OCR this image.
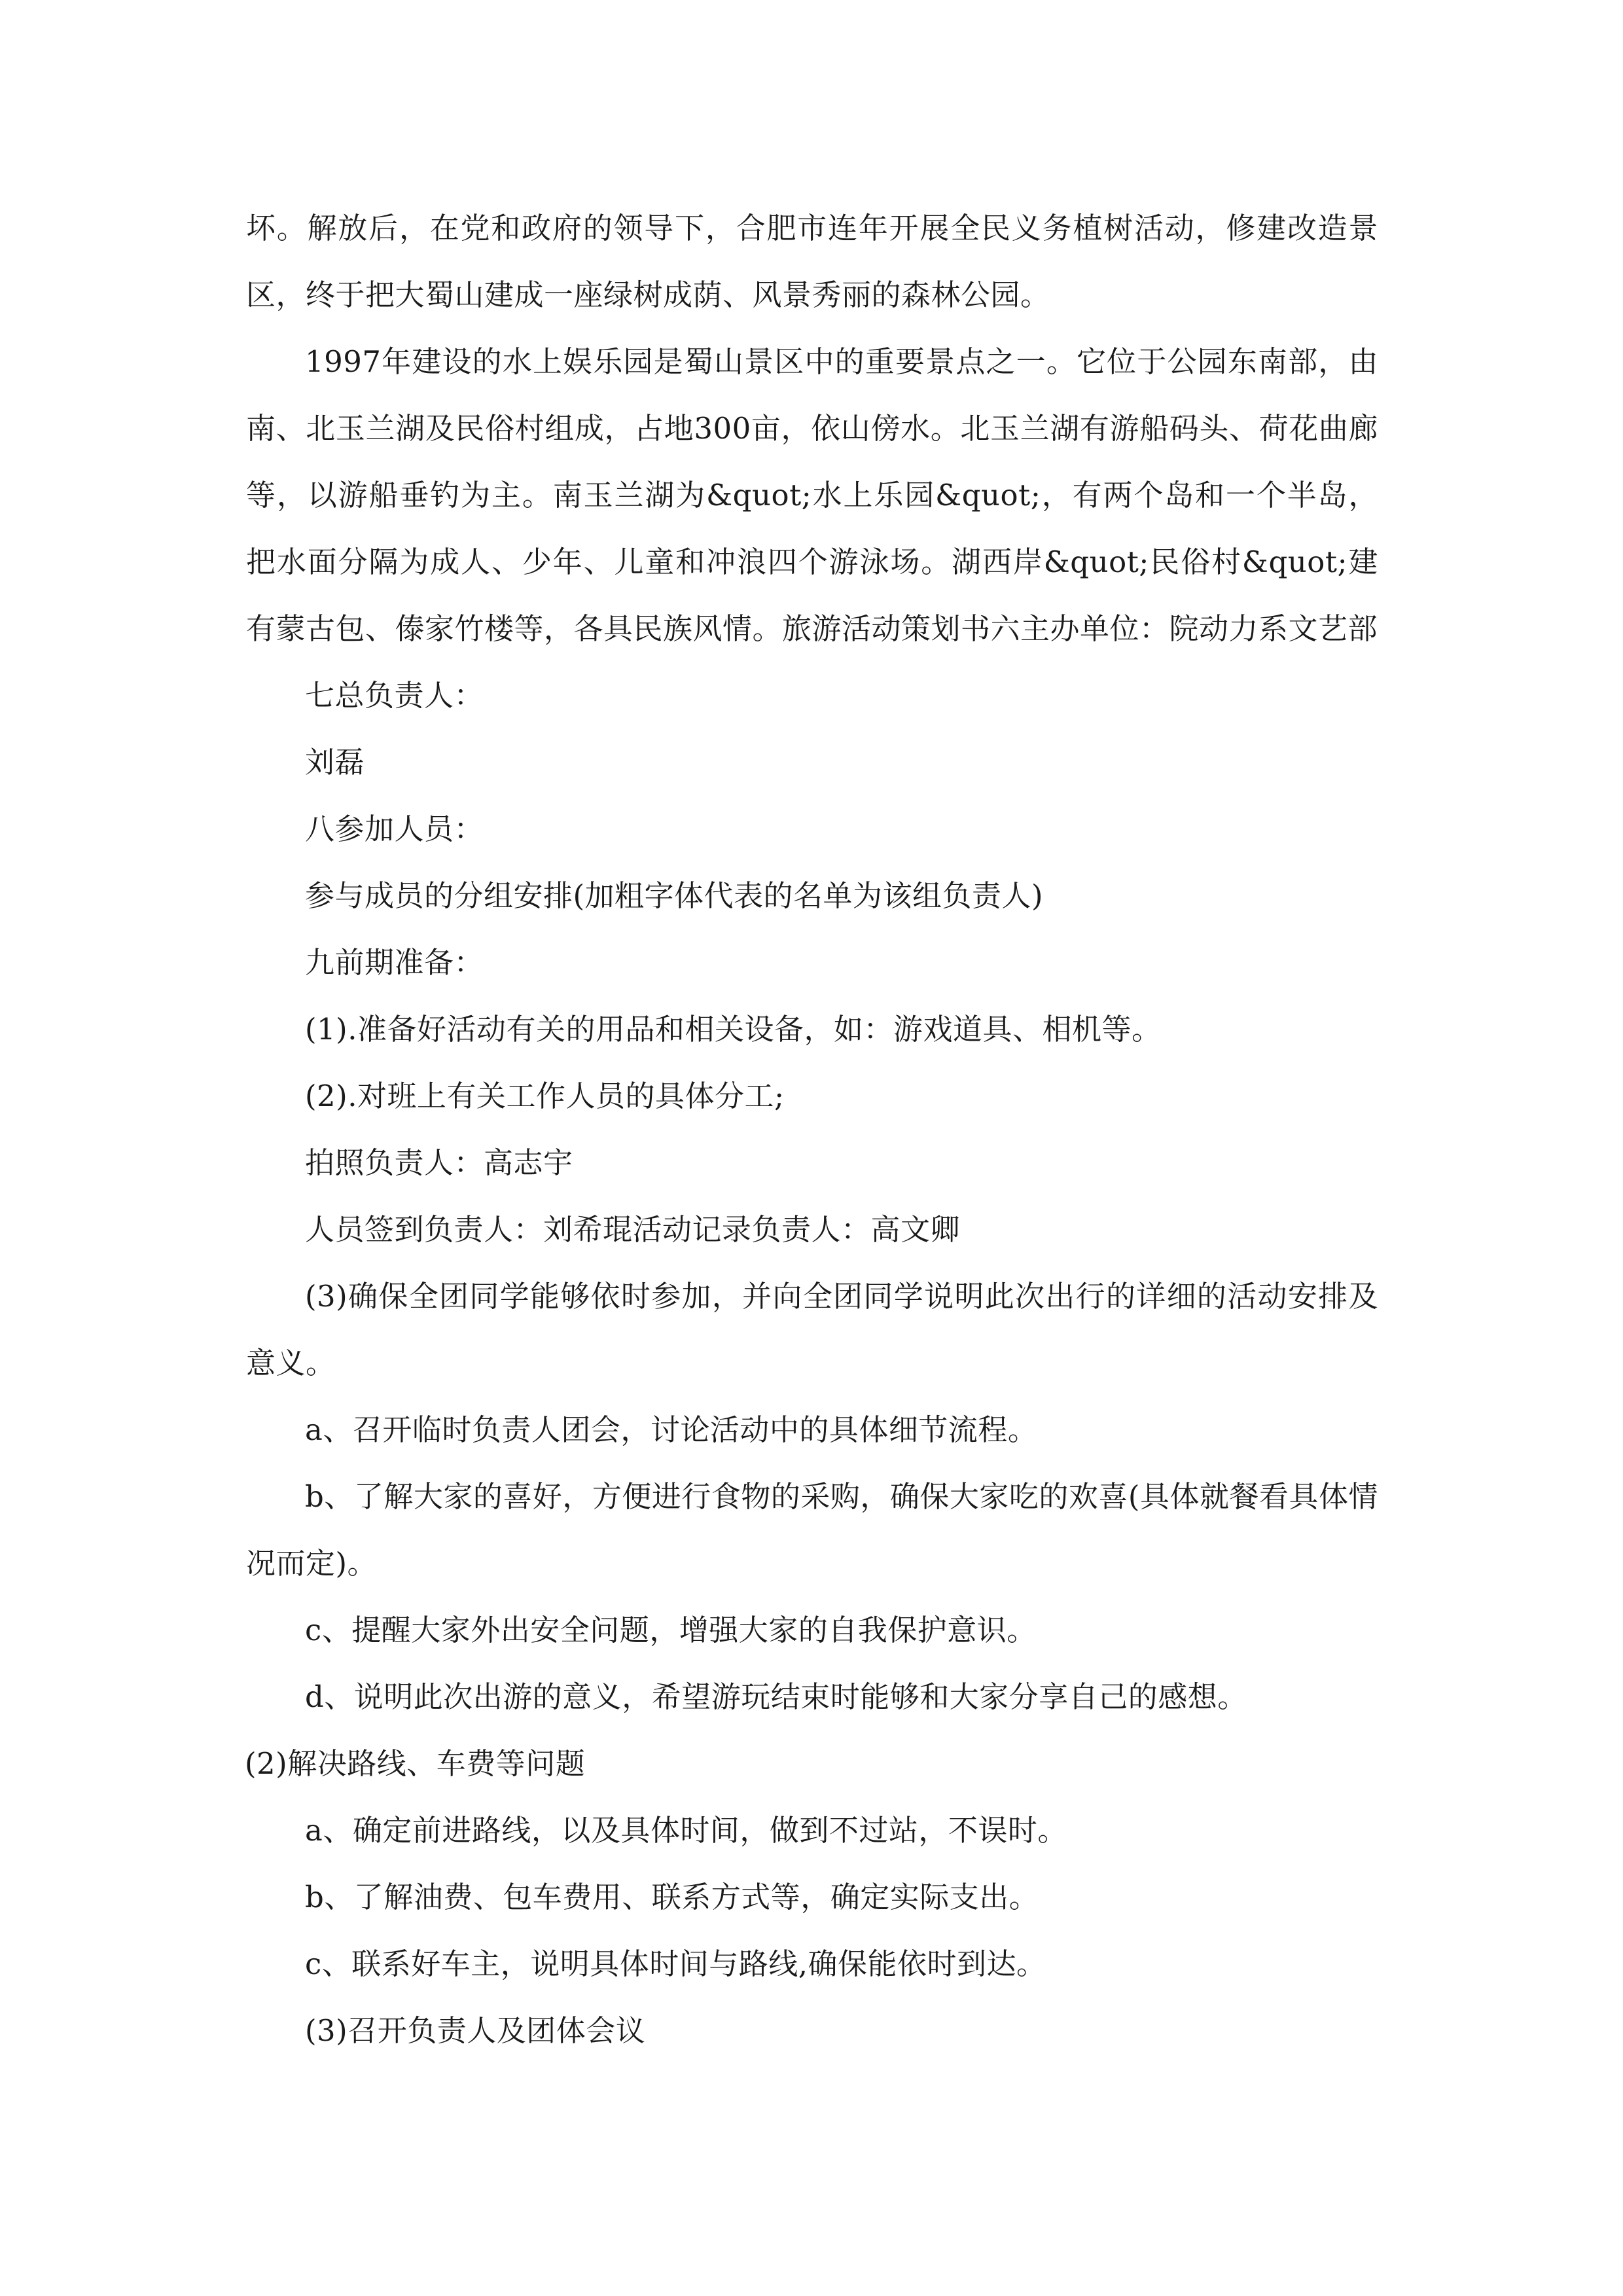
坏。解放后，在党和政府的领导下，合肥市连年开展全民义务植树活动，修建改造景区，终于把大蜀山建成一座绿树成荫、风景秀丽的森林公园。

1997年建设的水上娱乐园是蜀山景区中的重要景点之一。它位于公园东南部，由南、北玉兰湖及民俗村组成，占地300亩，依山傍水。北玉兰湖有游船码头、荷花曲廊等，以游船垂钓为主。南玉兰湖为&quot;水上乐园&quot;，有两个岛和一个半岛，把水面分隔为成人、少年、儿童和冲浪四个游泳场。湖西岸&quot;民俗村&quot;建有蒙古包、傣家竹楼等，各具民族风情。旅游活动策划书六主办单位：院动力系文艺部

七总负责人：

刘磊

八参加人员：

参与成员的分组安排(加粗字体代表的名单为该组负责人)

九前期准备：

(1).准备好活动有关的用品和相关设备，如：游戏道具、相机等。

(2).对班上有关工作人员的具体分工;

拍照负责人：高志宇

人员签到负责人：刘希琨活动记录负责人：高文卿

(3)确保全团同学能够依时参加，并向全团同学说明此次出行的详细的活动安排及意义。

a、召开临时负责人团会，讨论活动中的具体细节流程。

b、了解大家的喜好，方便进行食物的采购，确保大家吃的欢喜(具体就餐看具体情况而定)。

c、提醒大家外出安全问题，增强大家的自我保护意识。

d、说明此次出游的意义，希望游玩结束时能够和大家分享自己的感想。

(2)解决路线、车费等问题

a、确定前进路线，以及具体时间，做到不过站，不误时。

b、了解油费、包车费用、联系方式等，确定实际支出。

c、联系好车主，说明具体时间与路线,确保能依时到达。

(3)召开负责人及团体会议
